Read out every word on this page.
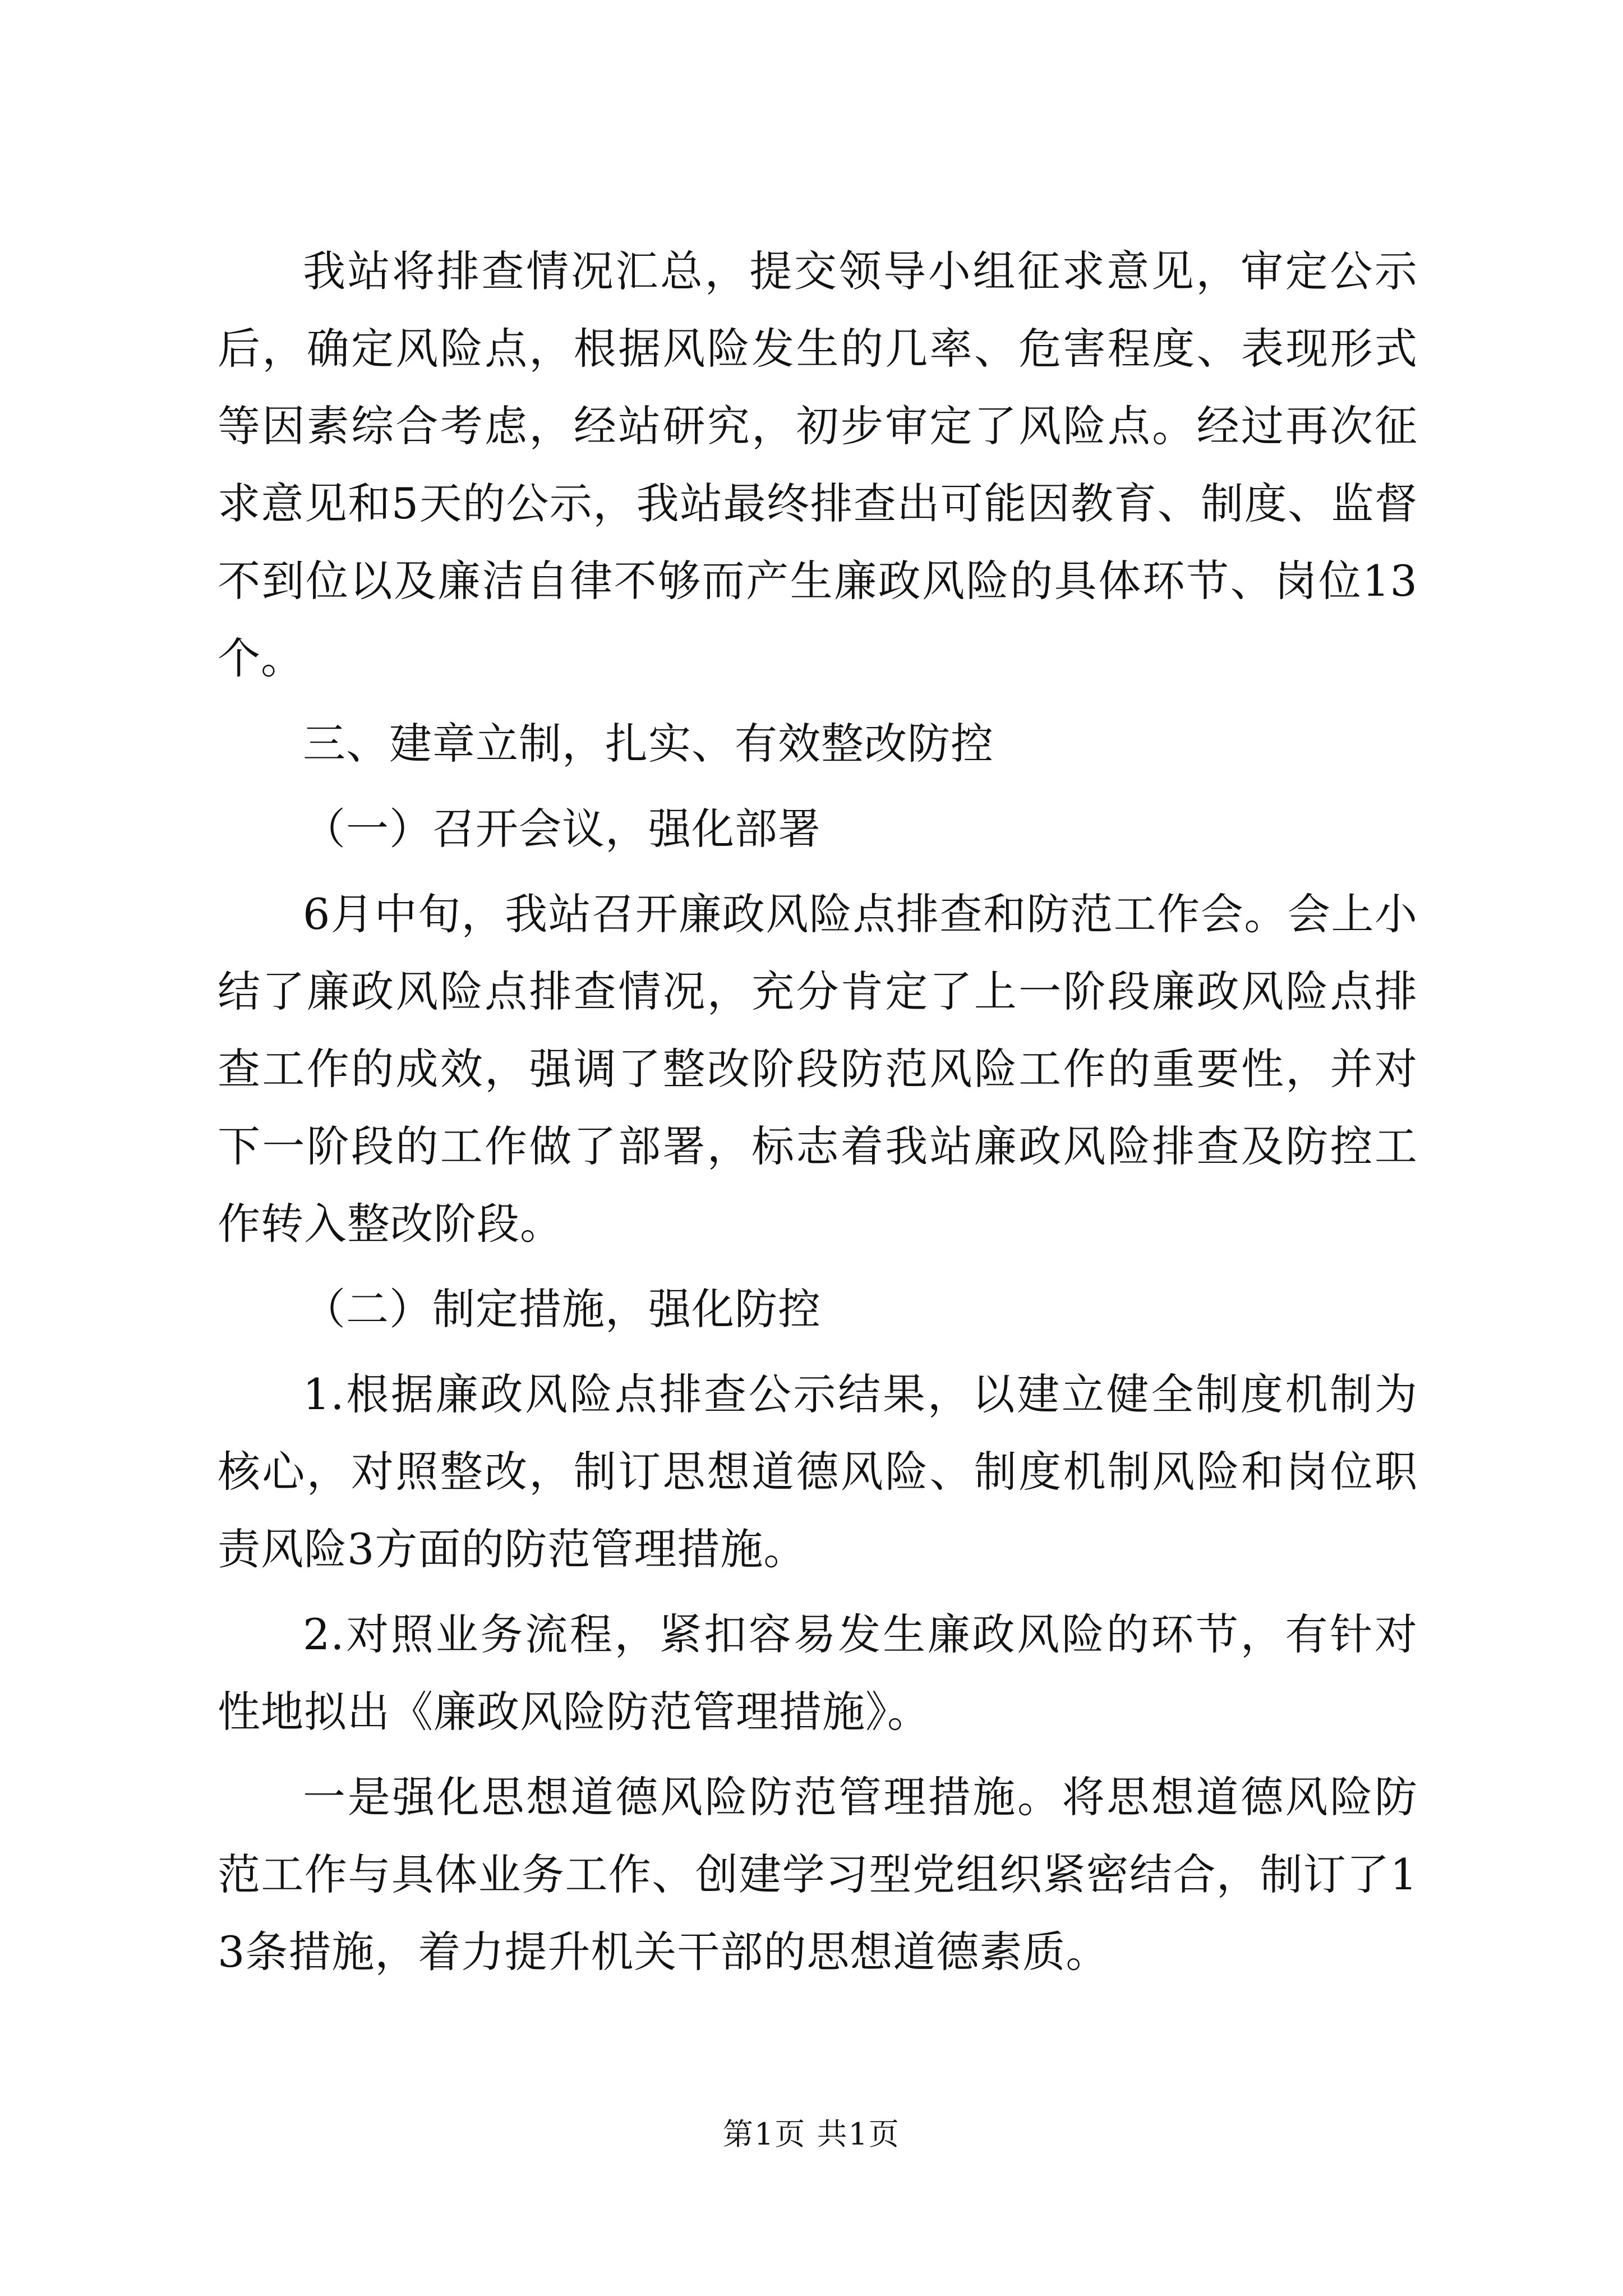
我站将排查情况汇总，提交领导小组征求意见，审定公示后，确定风险点，根据风险发生的几率、危害程度、表现形式等因素综合考虑，经站研究，初步审定了风险点。经过再次征求意见和5天的公示，我站最终排查出可能因教育、制度、监督不到位以及廉洁自律不够而产生廉政风险的具体环节、岗位13个。

三、建章立制，扎实、有效整改防控

（一）召开会议，强化部署

6月中旬，我站召开廉政风险点排查和防范工作会。会上小结了廉政风险点排查情况，充分肯定了上一阶段廉政风险点排查工作的成效，强调了整改阶段防范风险工作的重要性，并对下一阶段的工作做了部署，标志着我站廉政风险排查及防控工作转入整改阶段。

（二）制定措施，强化防控

1.根据廉政风险点排查公示结果，以建立健全制度机制为核心，对照整改，制订思想道德风险、制度机制风险和岗位职责风险3方面的防范管理措施。

2.对照业务流程，紧扣容易发生廉政风险的环节，有针对性地拟出《廉政风险防范管理措施》。

一是强化思想道德风险防范管理措施。将思想道德风险防范工作与具体业务工作、创建学习型党组织紧密结合，制订了13条措施，着力提升机关干部的思想道德素质。

第1页 共1页
